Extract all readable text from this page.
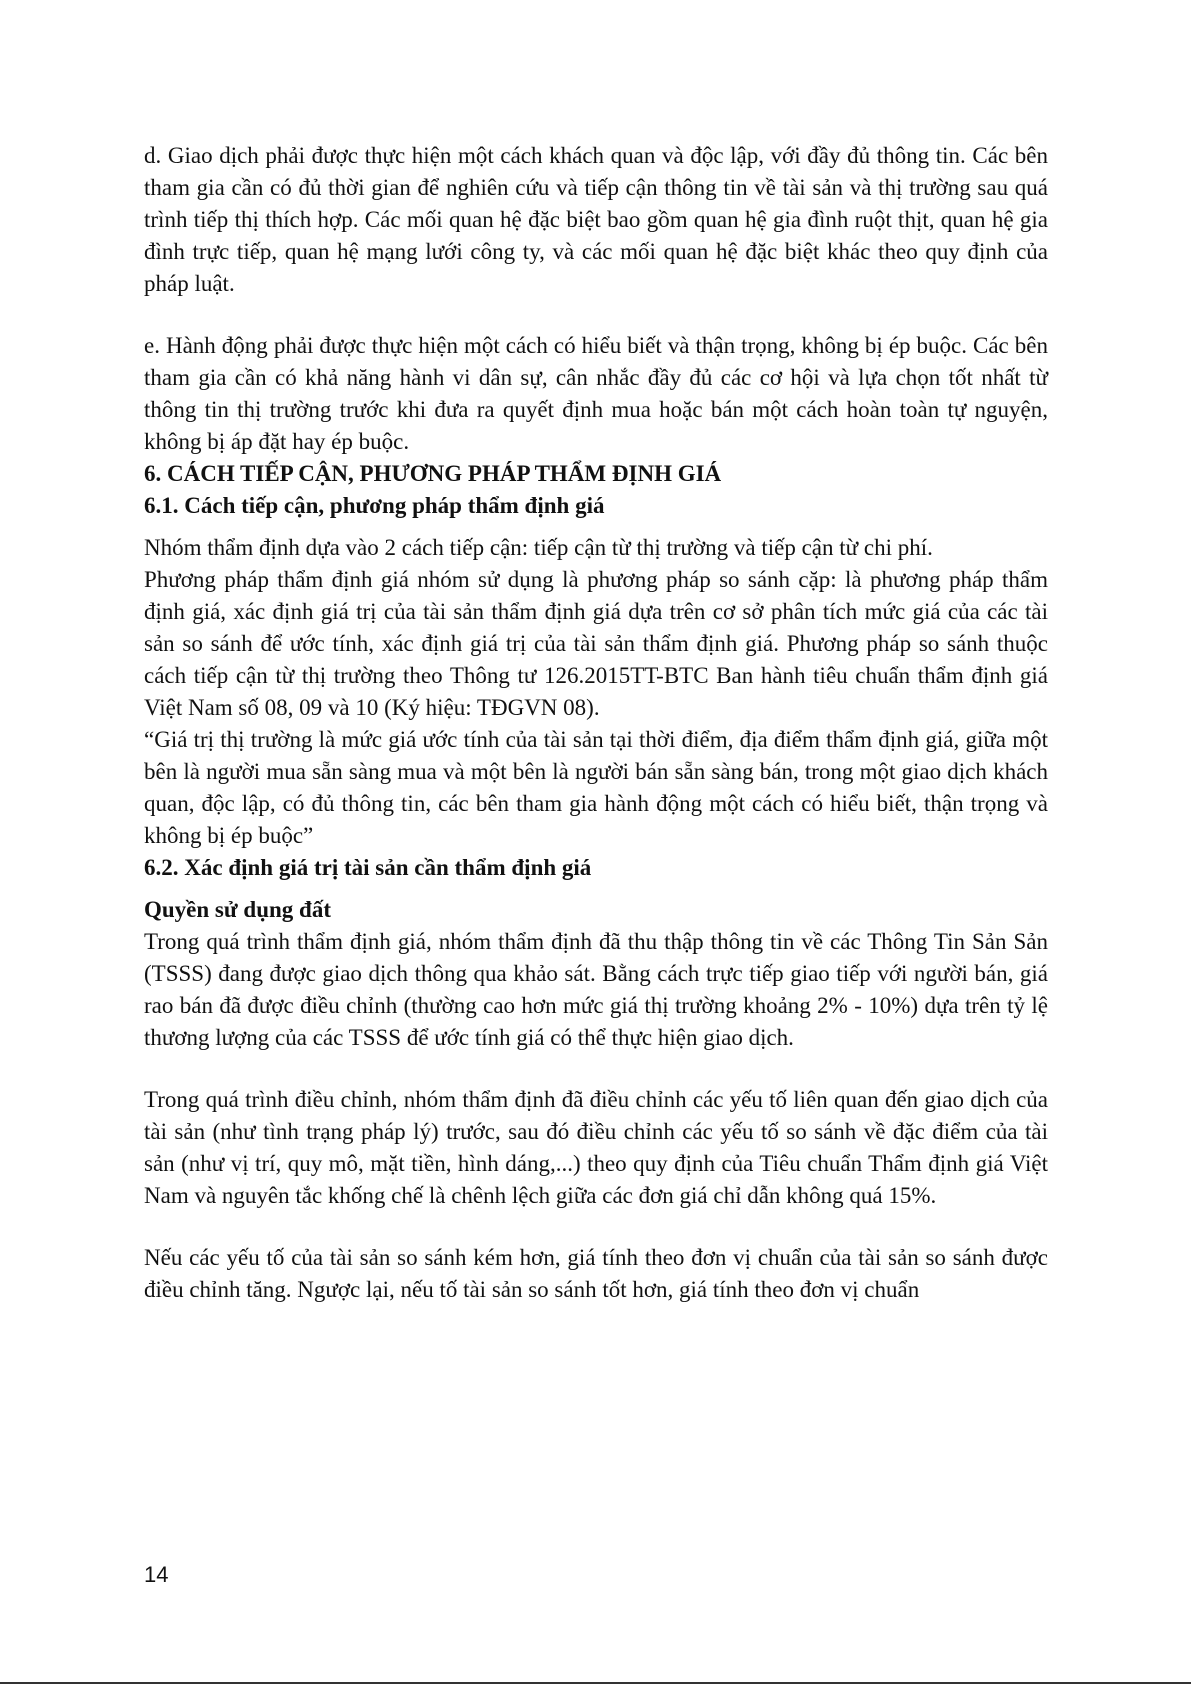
d. Giao dịch phải được thực hiện một cách khách quan và độc lập, với đầy đủ thông tin. Các bên tham gia cần có đủ thời gian để nghiên cứu và tiếp cận thông tin về tài sản và thị trường sau quá trình tiếp thị thích hợp. Các mối quan hệ đặc biệt bao gồm quan hệ gia đình ruột thịt, quan hệ gia đình trực tiếp, quan hệ mạng lưới công ty, và các mối quan hệ đặc biệt khác theo quy định của pháp luật.

e. Hành động phải được thực hiện một cách có hiểu biết và thận trọng, không bị ép buộc. Các bên tham gia cần có khả năng hành vi dân sự, cân nhắc đầy đủ các cơ hội và lựa chọn tốt nhất từ thông tin thị trường trước khi đưa ra quyết định mua hoặc bán một cách hoàn toàn tự nguyện, không bị áp đặt hay ép buộc.

6. CÁCH TIẾP CẬN, PHƯƠNG PHÁP THẨM ĐỊNH GIÁ

6.1. Cách tiếp cận, phương pháp thẩm định giá

Nhóm thẩm định dựa vào 2 cách tiếp cận: tiếp cận từ thị trường và tiếp cận từ chi phí.

Phương pháp thẩm định giá nhóm sử dụng là phương pháp so sánh cặp: là phương pháp thẩm định giá, xác định giá trị của tài sản thẩm định giá dựa trên cơ sở phân tích mức giá của các tài sản so sánh để ước tính, xác định giá trị của tài sản thẩm định giá. Phương pháp so sánh thuộc cách tiếp cận từ thị trường theo Thông tư 126.2015TT-BTC Ban hành tiêu chuẩn thẩm định giá Việt Nam số 08, 09 và 10 (Ký hiệu: TĐGVN 08).

“Giá trị thị trường là mức giá ước tính của tài sản tại thời điểm, địa điểm thẩm định giá, giữa một bên là người mua sẵn sàng mua và một bên là người bán sẵn sàng bán, trong một giao dịch khách quan, độc lập, có đủ thông tin, các bên tham gia hành động một cách có hiểu biết, thận trọng và không bị ép buộc”

6.2. Xác định giá trị tài sản cần thẩm định giá

Quyền sử dụng đất

Trong quá trình thẩm định giá, nhóm thẩm định đã thu thập thông tin về các Thông Tin Sản Sản (TSSS) đang được giao dịch thông qua khảo sát. Bằng cách trực tiếp giao tiếp với người bán, giá rao bán đã được điều chỉnh (thường cao hơn mức giá thị trường khoảng 2% - 10%) dựa trên tỷ lệ thương lượng của các TSSS để ước tính giá có thể thực hiện giao dịch.

Trong quá trình điều chỉnh, nhóm thẩm định đã điều chỉnh các yếu tố liên quan đến giao dịch của tài sản (như tình trạng pháp lý) trước, sau đó điều chỉnh các yếu tố so sánh về đặc điểm của tài sản (như vị trí, quy mô, mặt tiền, hình dáng,...) theo quy định của Tiêu chuẩn Thẩm định giá Việt Nam và nguyên tắc khống chế là chênh lệch giữa các đơn giá chỉ dẫn không quá 15%.

Nếu các yếu tố của tài sản so sánh kém hơn, giá tính theo đơn vị chuẩn của tài sản so sánh được điều chỉnh tăng. Ngược lại, nếu tố tài sản so sánh tốt hơn, giá tính theo đơn vị chuẩn

14
